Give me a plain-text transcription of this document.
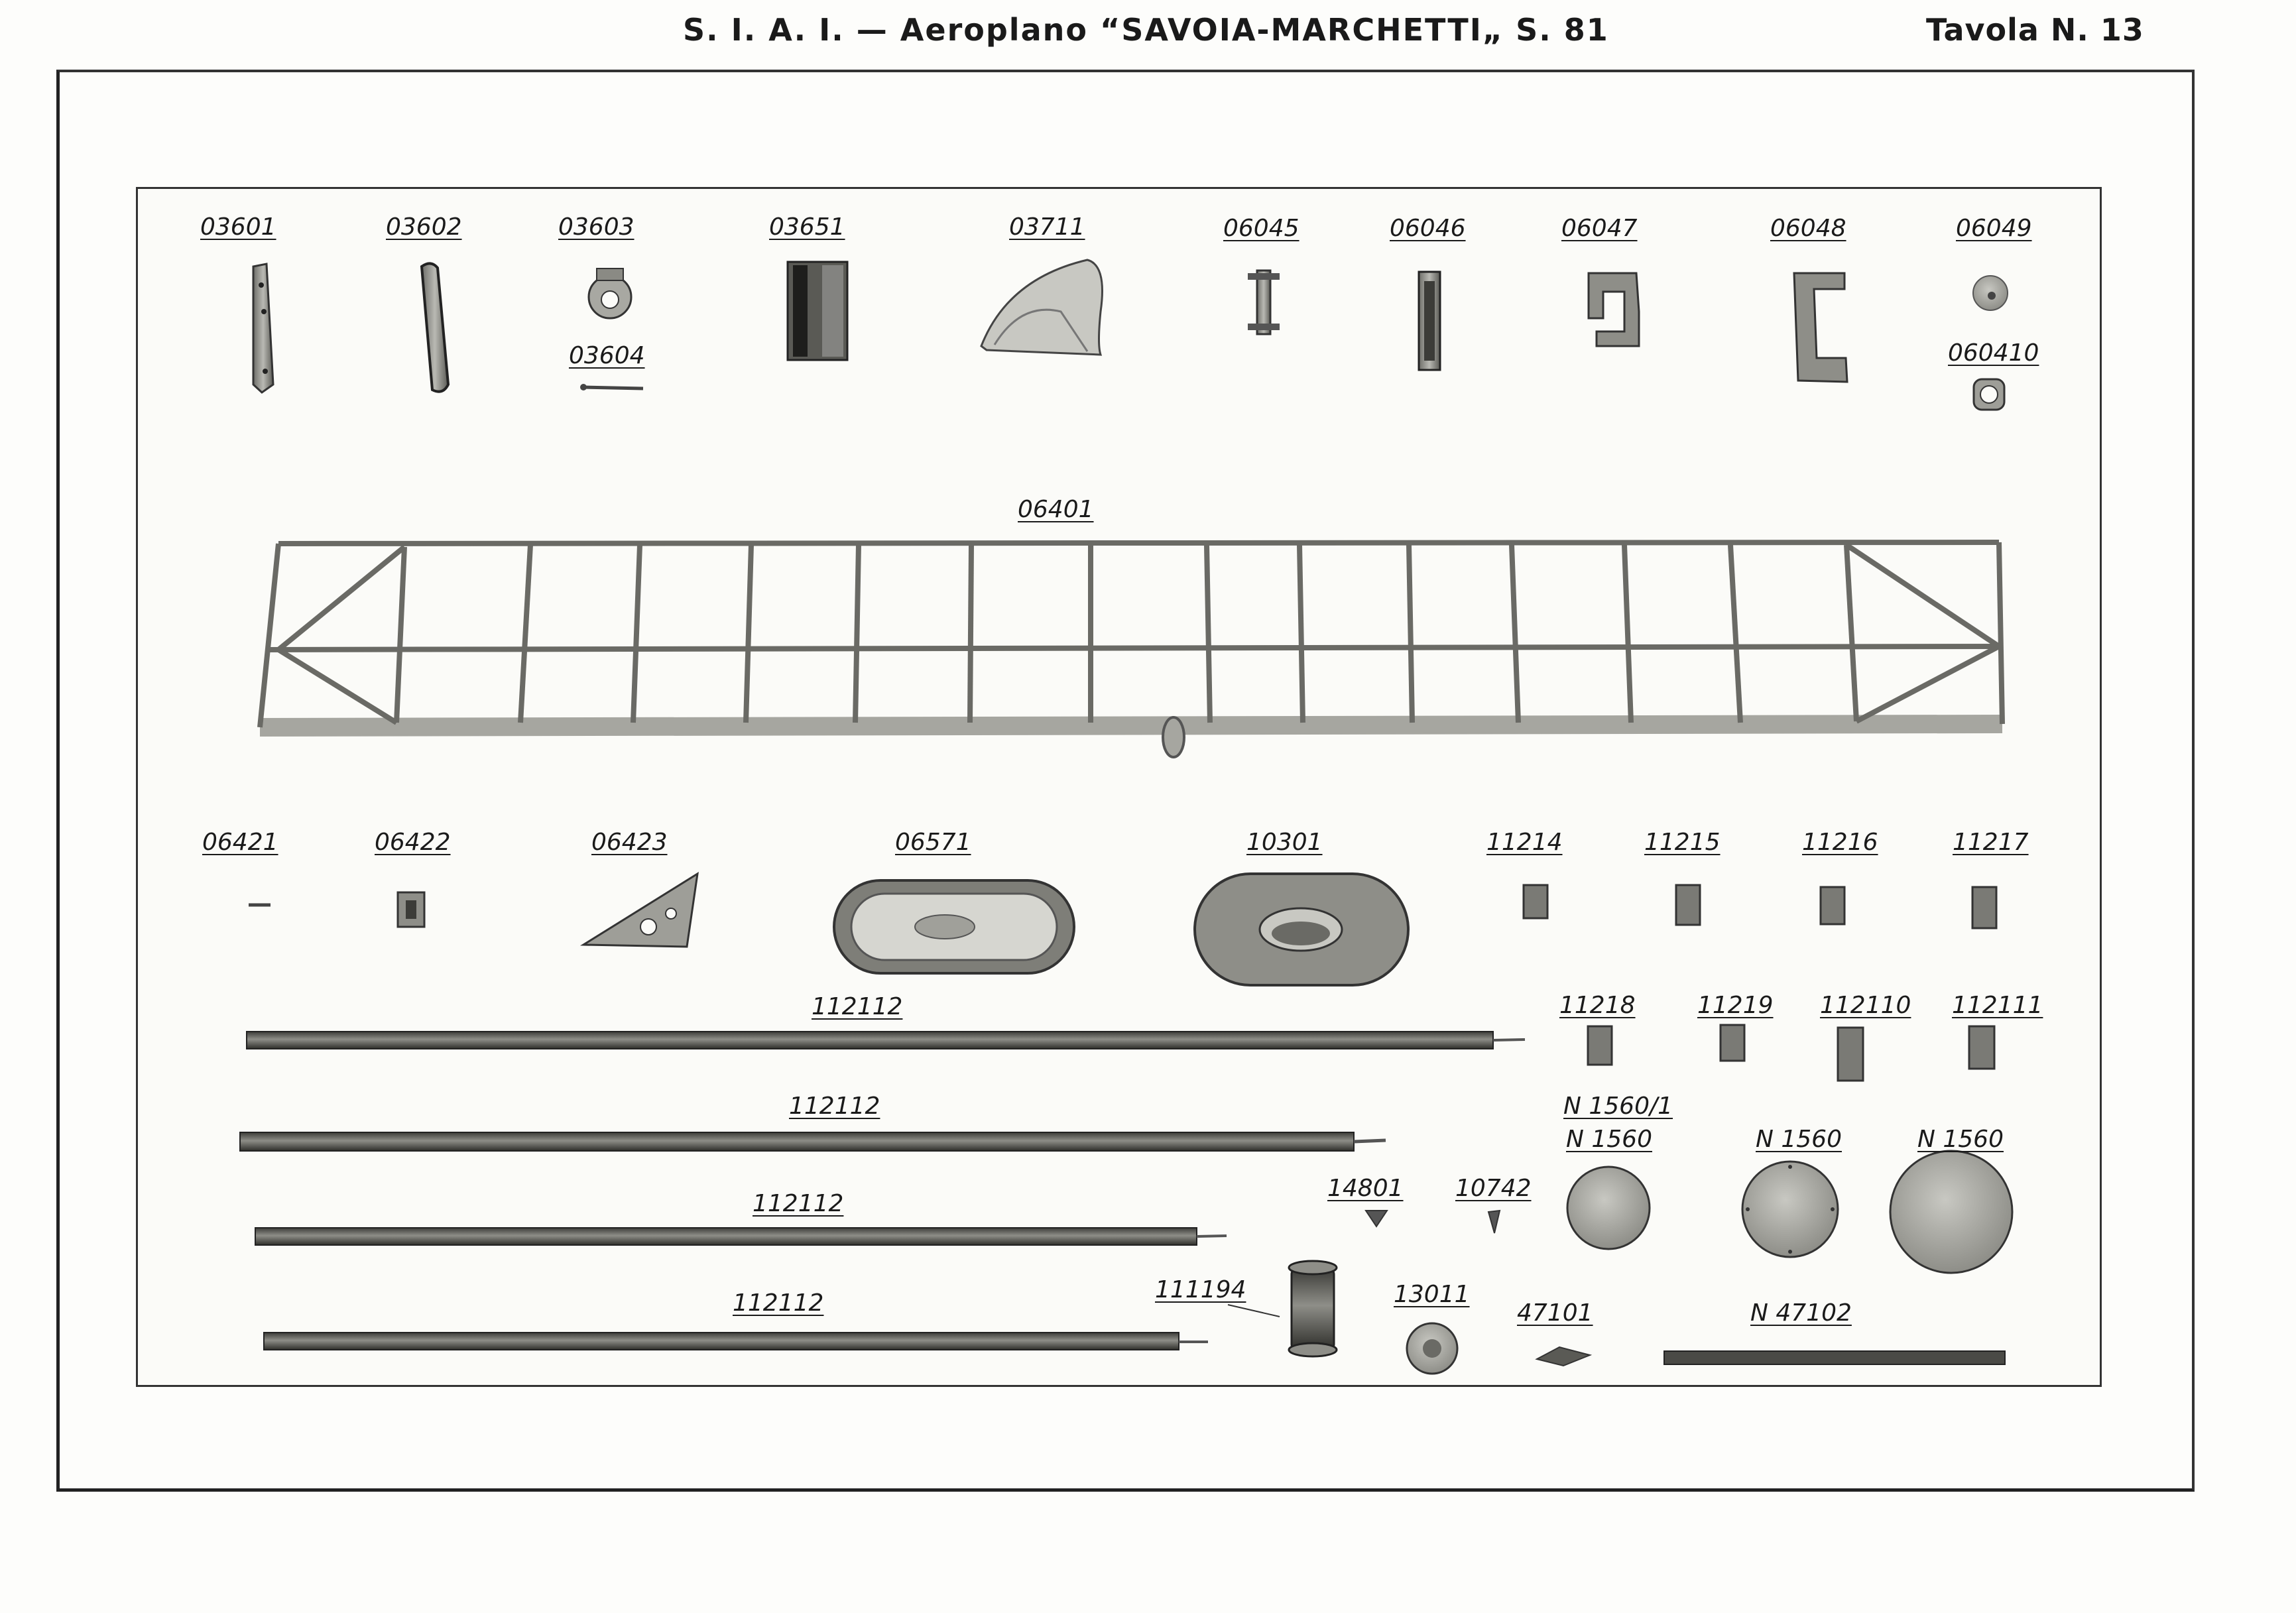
S. I. A. I. — Aeroplano “SAVOIA-MARCHETTI„ S. 81	Tavola N. 13
03601	03602	03603
03604
03651	03711	06045	06046	06047	06048	06049
060410
06401
06421	06422	06423	06571	10301	11214	11215	11216	11217
112112	11218	11219 112110 112111
112112	N 1560/1
N 1560	N 1560	N 1560
112112
14801 10742
112112	111194	13011
47101	N 47102
